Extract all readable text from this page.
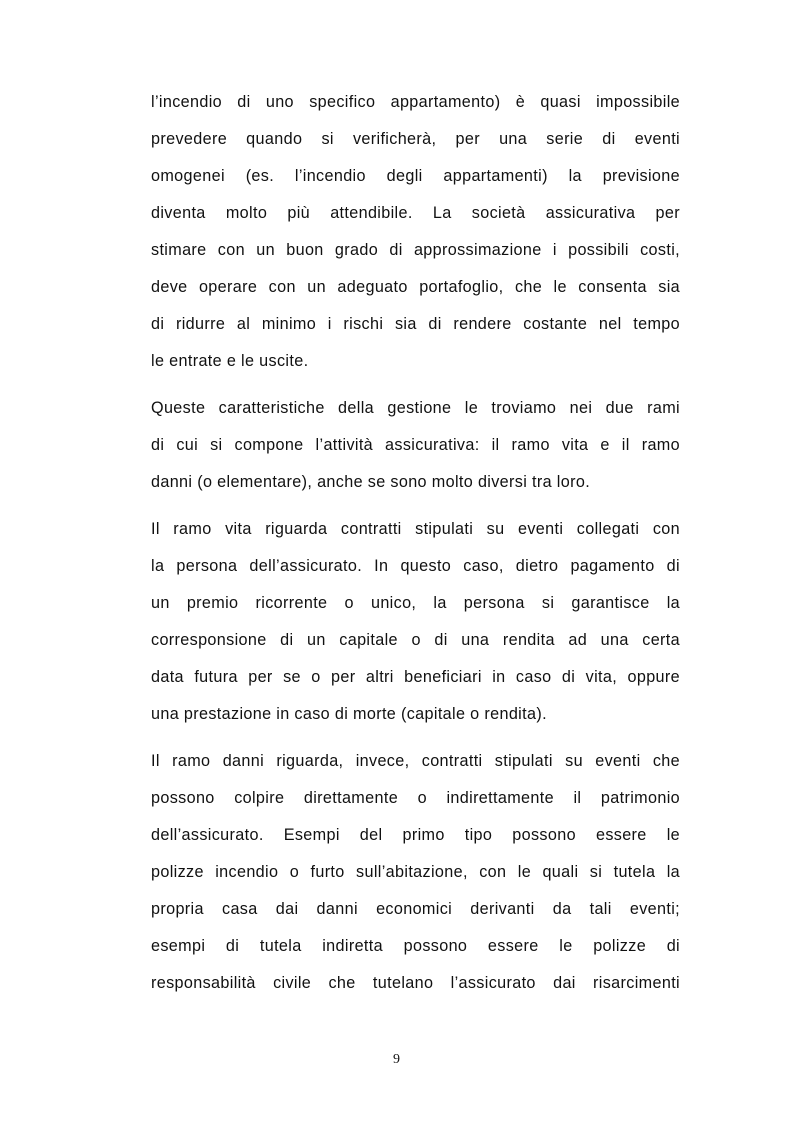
l’incendio di uno specifico appartamento) è quasi impossibile
prevedere quando si verificherà, per una serie di eventi
omogenei (es. l’incendio degli appartamenti) la previsione
diventa molto più attendibile. La società assicurativa per
stimare con un buon grado di approssimazione i possibili costi,
deve operare con un adeguato portafoglio, che le consenta sia
di ridurre al minimo i rischi sia di rendere costante nel tempo
le entrate e le uscite.

Queste caratteristiche della gestione le troviamo nei due rami
di cui si compone l’attività assicurativa: il ramo vita e il ramo
danni (o elementare), anche se sono molto diversi tra loro.

Il ramo vita riguarda contratti stipulati su eventi collegati con
la persona dell’assicurato. In questo caso, dietro pagamento di
un premio ricorrente o unico, la persona si garantisce la
corresponsione di un capitale o di una rendita ad una certa
data futura per se o per altri beneficiari in caso di vita, oppure
una prestazione in caso di morte (capitale o rendita).

Il ramo danni riguarda, invece, contratti stipulati su eventi che
possono colpire direttamente o indirettamente il patrimonio
dell’assicurato. Esempi del primo tipo possono essere le
polizze incendio o furto sull’abitazione, con le quali si tutela la
propria casa dai danni economici derivanti da tali eventi;
esempi di tutela indiretta possono essere le polizze di
responsabilità civile che tutelano l’assicurato dai risarcimenti

9
